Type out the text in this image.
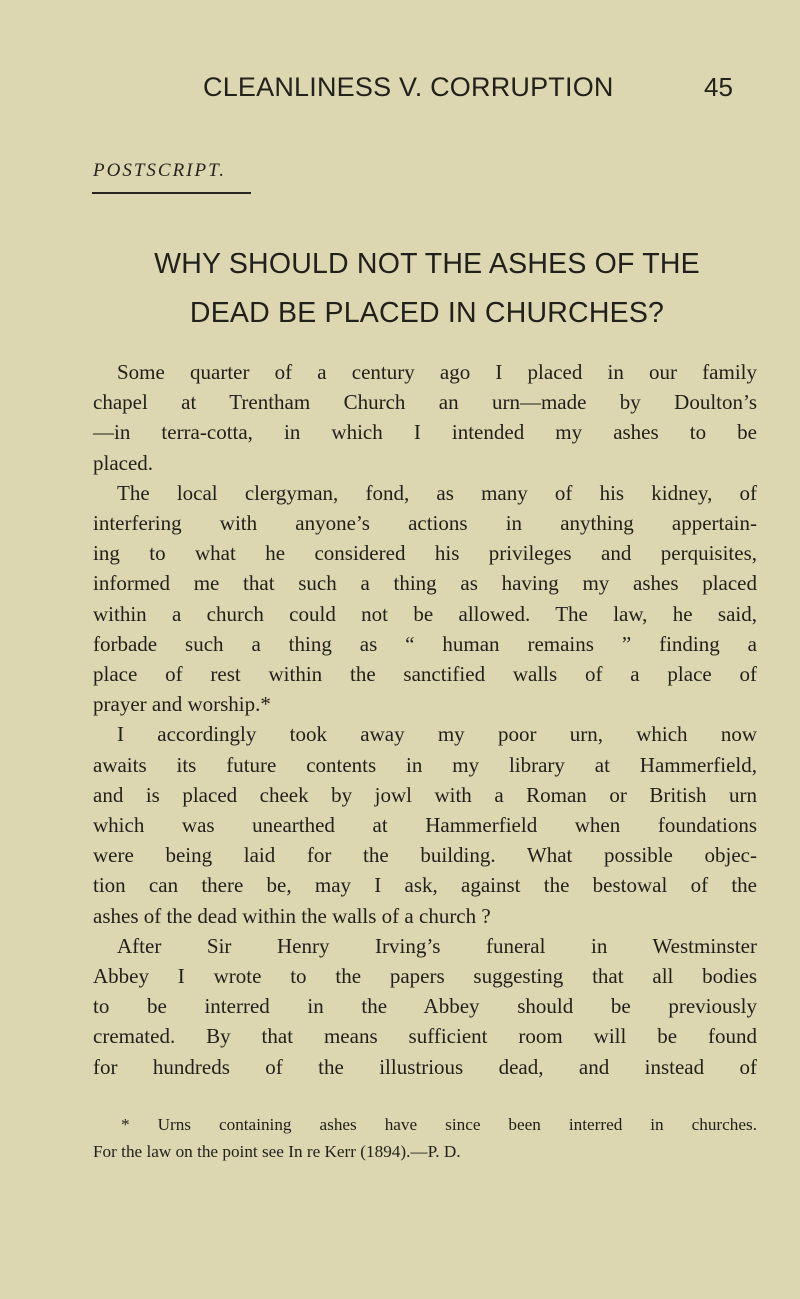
CLEANLINESS V. CORRUPTION	45
POSTSCRIPT.
WHY SHOULD NOT THE ASHES OF THE
DEAD BE PLACED IN CHURCHES?
Some quarter of a century ago I placed in our family
chapel at Trentham Church an urn—made by Doulton’s
—in terra-cotta, in which I intended my ashes to be
placed.
The local clergyman, fond, as many of his kidney, of
interfering with anyone’s actions in anything appertain-
ing to what he considered his privileges and perquisites,
informed me that such a thing as having my ashes placed
within a church could not be allowed. The law, he said,
forbade such a thing as “ human remains ” finding a
place of rest within the sanctified walls of a place of
prayer and worship.*
I accordingly took away my poor urn, which now
awaits its future contents in my library at Hammerfield,
and is placed cheek by jowl with a Roman or British urn
which was unearthed at Hammerfield when foundations
were being laid for the building. What possible objec-
tion can there be, may I ask, against the bestowal of the
ashes of the dead within the walls of a church ?
After Sir Henry Irving’s funeral in Westminster
Abbey I wrote to the papers suggesting that all bodies
to be interred in the Abbey should be previously
cremated. By that means sufficient room will be found
for hundreds of the illustrious dead, and instead of
* Urns containing ashes have since been interred in churches.
For the law on the point see In re Kerr (1894).—P. D.
